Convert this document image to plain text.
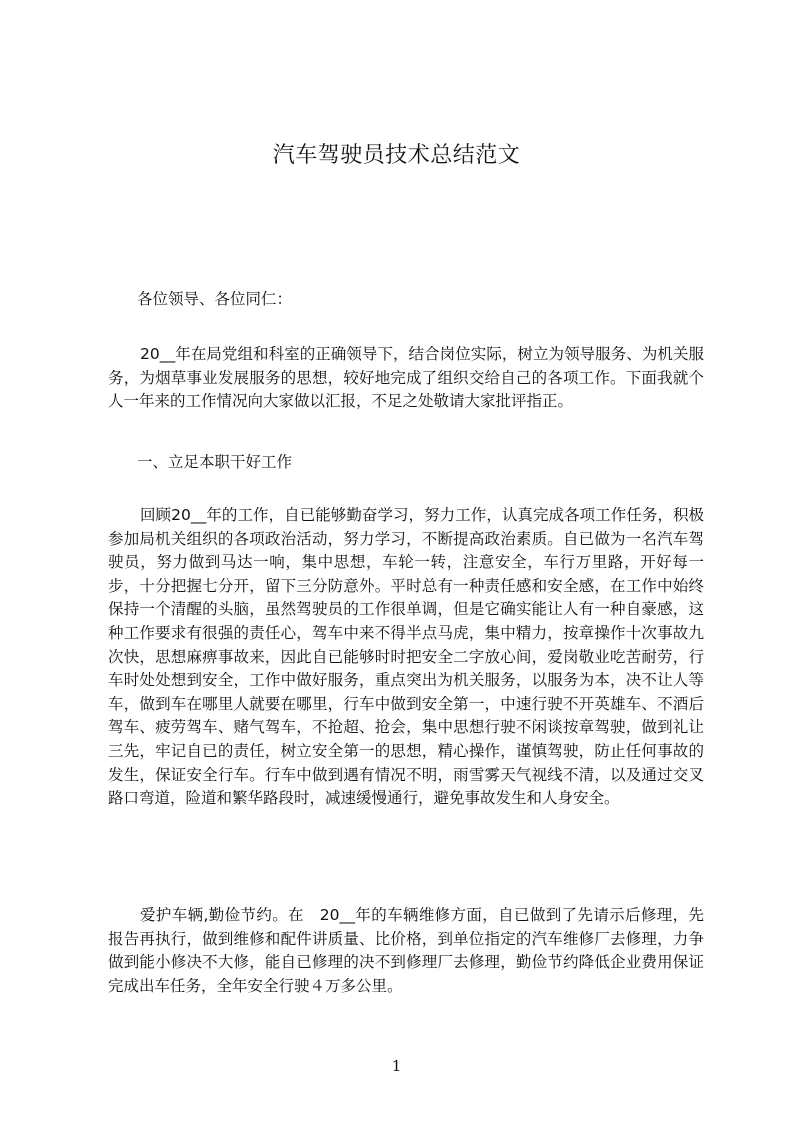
汽车驾驶员技术总结范文
各位领导、各位同仁：
20__年在局党组和科室的正确领导下，结合岗位实际，树立为领导服务、为机关服务，为烟草事业发展服务的思想，较好地完成了组织交给自己的各项工作。下面我就个人一年来的工作情况向大家做以汇报，不足之处敬请大家批评指正。
一、立足本职干好工作
回顾20__年的工作，自已能够勤奋学习，努力工作，认真完成各项工作任务，积极参加局机关组织的各项政治活动，努力学习，不断提高政治素质。自已做为一名汽车驾驶员，努力做到马达一响，集中思想，车轮一转，注意安全，车行万里路，开好每一步，十分把握七分开，留下三分防意外。平时总有一种责任感和安全感，在工作中始终保持一个清醒的头脑，虽然驾驶员的工作很单调，但是它确实能让人有一种自豪感，这种工作要求有很强的责任心，驾车中来不得半点马虎，集中精力，按章操作十次事故九次快，思想麻痹事故来，因此自已能够时时把安全二字放心间，爱岗敬业吃苦耐劳，行车时处处想到安全，工作中做好服务，重点突出为机关服务，以服务为本，决不让人等车，做到车在哪里人就要在哪里，行车中做到安全第一，中速行驶不开英雄车、不酒后驾车、疲劳驾车、赌气驾车，不抢超、抢会，集中思想行驶不闲谈按章驾驶，做到礼让三先，牢记自已的责任，树立安全第一的思想，精心操作，谨慎驾驶，防止任何事故的发生，保证安全行车。行车中做到遇有情况不明，雨雪雾天气视线不清，以及通过交叉路口弯道，险道和繁华路段时，减速缓慢通行，避免事故发生和人身安全。
爱护车辆,勤俭节约。在　20__年的车辆维修方面，自已做到了先请示后修理，先报告再执行，做到维修和配件讲质量、比价格，到单位指定的汽车维修厂去修理，力争做到能小修决不大修，能自已修理的决不到修理厂去修理，勤俭节约降低企业费用保证完成出车任务，全年安全行驶４万多公里。
1
